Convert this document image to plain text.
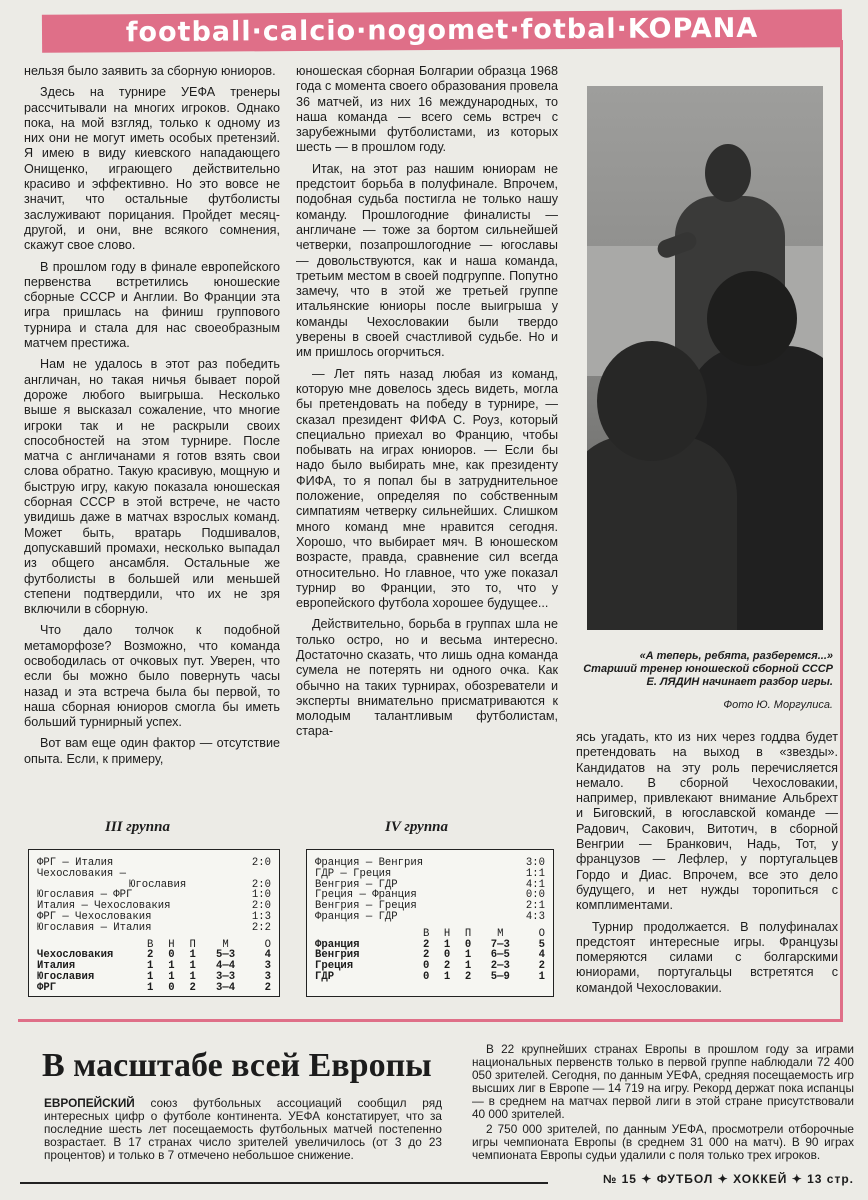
football·calcio·nogomet·fotbal·KOPANA

нельзя было заявить за сборную юниоров.

Здесь на турнире УЕФА тренеры рассчитывали на многих игроков. Однако пока, на мой взгляд, только к одному из них они не могут иметь особых претензий. Я имею в виду киевского нападающего Онищенко, играющего действительно красиво и эффективно. Но это вовсе не значит, что остальные футболисты заслуживают порицания. Пройдет месяц-другой, и они, вне всякого сомнения, скажут свое слово.

В прошлом году в финале европейского первенства встретились юношеские сборные СССР и Англии. Во Франции эта игра пришлась на финиш группового турнира и стала для нас своеобразным матчем престижа.

Нам не удалось в этот раз победить англичан, но такая ничья бывает порой дороже любого выигрыша. Несколько выше я высказал сожаление, что многие игроки так и не раскрыли своих способностей на этом турнире. После матча с англичанами я готов взять свои слова обратно. Такую красивую, мощную и быструю игру, какую показала юношеская сборная СССР в этой встрече, не часто увидишь даже в матчах взрослых команд. Может быть, вратарь Подшивалов, допускавший промахи, несколько выпадал из общего ансамбля. Остальные же футболисты в большей или меньшей степени подтвердили, что их не зря включили в сборную.

Что дало толчок к подобной метаморфозе? Возможно, что команда освободилась от очковых пут. Уверен, что если бы можно было повернуть часы назад и эта встреча была бы первой, то наша сборная юниоров смогла бы иметь больший турнирный успех.

Вот вам еще один фактор — отсутствие опыта. Если, к примеру,

юношеская сборная Болгарии образца 1968 года с момента своего образования провела 36 матчей, из них 16 международных, то наша команда — всего семь встреч с зарубежными футболистами, из которых шесть — в прошлом году.

Итак, на этот раз нашим юниорам не предстоит борьба в полуфинале. Впрочем, подобная судьба постигла не только нашу команду. Прошлогодние финалисты — англичане — тоже за бортом сильнейшей четверки, позапрошлогодние — югославы — довольствуются, как и наша команда, третьим местом в своей подгруппе. Попутно замечу, что в этой же третьей группе итальянские юниоры после выигрыша у команды Чехословакии были твердо уверены в своей счастливой судьбе. Но и им пришлось огорчиться.

— Лет пять назад любая из команд, которую мне довелось здесь видеть, могла бы претендовать на победу в турнире, — сказал президент ФИФА С. Роуз, который специально приехал во Францию, чтобы побывать на играх юниоров. — Если бы надо было выбирать мне, как президенту ФИФА, то я попал бы в затруднительное положение, определяя по собственным симпатиям четверку сильнейших. Слишком много команд мне нравится сегодня. Хорошо, что выбирает мяч. В юношеском возрасте, правда, сравнение сил всегда относительно. Но главное, что уже показал турнир во Франции, это то, что у европейского футбола хорошее будущее...

Действительно, борьба в группах шла не только остро, но и весьма интересно. Достаточно сказать, что лишь одна команда сумела не потерять ни одного очка. Как обычно на таких турнирах, обозреватели и эксперты внимательно присматриваются к молодым талантливым футболистам, стара-

«А теперь, ребята, разберемся...» Старший тренер юношеской сборной СССР Е. ЛЯДИН начинает разбор игры.
Фото Ю. Моргулиса.

ясь угадать, кто из них через годдва будет претендовать на выход в «звезды». Кандидатов на эту роль перечисляется немало. В сборной Чехословакии, например, привлекают внимание Альбрехт и Биговский, в югославской команде — Радович, Сакович, Витотич, в сборной Венгрии — Бранкович, Надь, Тот, у французов — Лефлер, у португальцев Гордо и Диас. Впрочем, все это дело будущего, и нет нужды торопиться с комплиментами.

Турнир продолжается. В полуфиналах предстоят интересные игры. Французы померяются силами с болгарскими юниорами, португальцы встретятся с командой Чехословакии.

III группа
ФРГ — Италия	2:0
Чехословакия —
Югославия	2:0
Югославия — ФРГ	1:0
Италия — Чехословакия	2:0
ФРГ — Чехословакия	1:3
Югославия — Италия	2:2
В	Н	П	М	О
Чехословакия	2	0	1	5—3	4
Италия	1	1	1	4—4	3
Югославия	1	1	1	3—3	3
ФРГ	1	0	2	3—4	2
IV группа
Франция — Венгрия	3:0
ГДР — Греция	1:1
Венгрия — ГДР	4:1
Греция — Франция	0:0
Венгрия — Греция	2:1
Франция — ГДР	4:3
В	Н	П	М	О
Франция	2	1	0	7—3	5
Венгрия	2	0	1	6—5	4
Греция	0	2	1	2—3	2
ГДР	0	1	2	5—9	1
В масштабе всей Европы
ЕВРОПЕЙСКИЙ союз футбольных ассоциаций сообщил ряд интересных цифр о футболе континента. УЕФА констатирует, что за последние шесть лет посещаемость футбольных матчей постепенно возрастает. В 17 странах число зрителей увеличилось (от 3 до 23 процентов) и только в 7 отмечено небольшое снижение.

В 22 крупнейших странах Европы в прошлом году за играми национальных первенств только в первой группе наблюдали 72 400 050 зрителей. Сегодня, по данным УЕФА, средняя посещаемость игр высших лиг в Европе — 14 719 на игру. Рекорд держат пока испанцы — в среднем на матчах первой лиги в этой стране присутствовали 40 000 зрителей.

2 750 000 зрителей, по данным УЕФА, просмотрели отборочные игры чемпионата Европы (в среднем 31 000 на матч). В 90 играх чемпионата Европы судьи удалили с поля только трех игроков.

№ 15 ✦ ФУТБОЛ ✦ ХОККЕЙ ✦ 13 стр.
